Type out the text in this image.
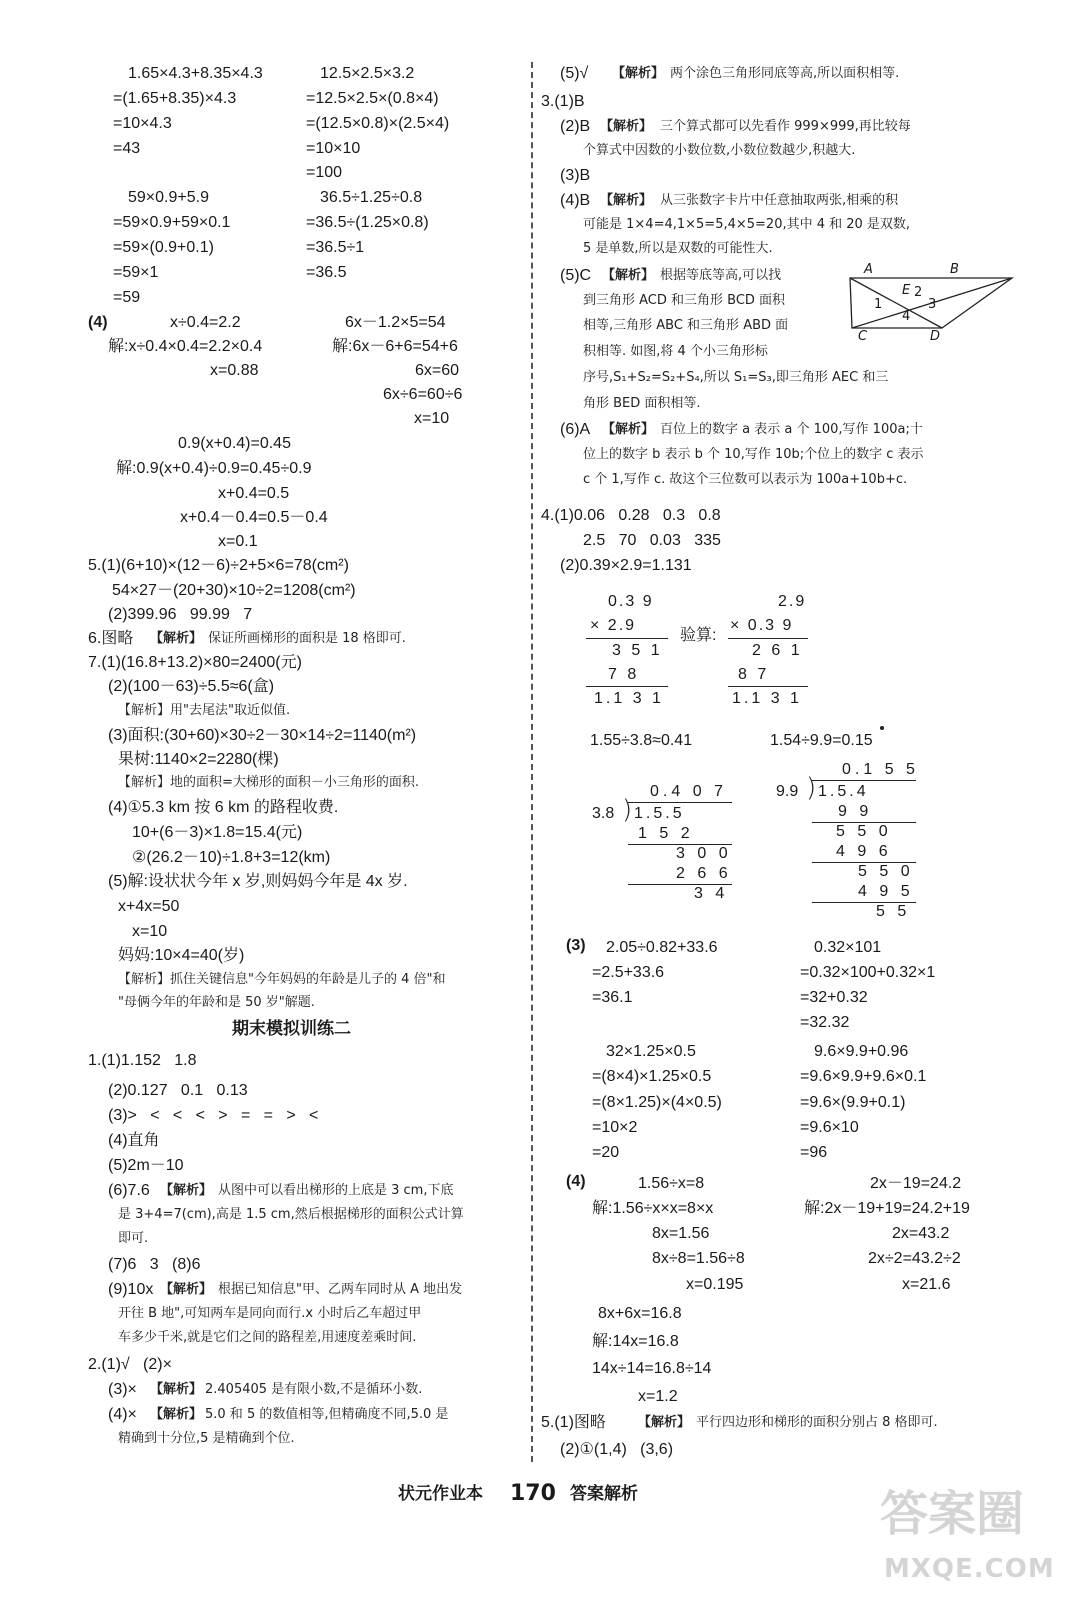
1.65×4.3+8.35×4.3
=(1.65+8.35)×4.3
=10×4.3
=43
12.5×2.5×3.2
=12.5×2.5×(0.8×4)
=(12.5×0.8)×(2.5×4)
=10×10
=100
59×0.9+5.9
=59×0.9+59×0.1
=59×(0.9+0.1)
=59×1
=59
36.5÷1.25÷0.8
=36.5÷(1.25×0.8)
=36.5÷1
=36.5
(4)	x÷0.4=2.2
解:x÷0.4×0.4=2.2×0.4
x=0.88
6x－1.2×5=54
解:6x－6+6=54+6
6x=60
6x÷6=60÷6
x=10
0.9(x+0.4)=0.45
解:0.9(x+0.4)÷0.9=0.45÷0.9
x+0.4=0.5
x+0.4－0.4=0.5－0.4
x=0.1
5.(1)(6+10)×(12－6)÷2+5×6=78(cm²)
54×27－(20+30)×10÷2=1208(cm²)
(2)399.96   99.99   7
6.图略 【解析】 保证所画梯形的面积是 18 格即可.
7.(1)(16.8+13.2)×80=2400(元)
(2)(100－63)÷5.5≈6(盒)
【解析】用"去尾法"取近似值.
(3)面积:(30+60)×30÷2－30×14÷2=1140(m²)
果树:1140×2=2280(棵)
【解析】地的面积=大梯形的面积－小三角形的面积.
(4)①5.3 km 按 6 km 的路程收费.
10+(6－3)×1.8=15.4(元)
②(26.2－10)÷1.8+3=12(km)
(5)解:设状状今年 x 岁,则妈妈今年是 4x 岁.
x+4x=50
x=10
妈妈:10×4=40(岁)
【解析】抓住关键信息"今年妈妈的年龄是儿子的 4 倍"和
"母俩今年的年龄和是 50 岁"解题.
期末模拟训练二
1.(1)1.152   1.8
(2)0.127   0.1   0.13
(3)>   <   <   <   >   =   =   >   <
(4)直角
(5)2m－10
(6)7.6 【解析】 从图中可以看出梯形的上底是 3 cm,下底
是 3+4=7(cm),高是 1.5 cm,然后根据梯形的面积公式计算
即可.
(7)6   3   (8)6
(9)10x 【解析】 根据已知信息"甲、乙两车同时从 A 地出发
开往 B 地",可知两车是同向而行.x 小时后乙车超过甲
车多少千米,就是它们之间的路程差,用速度差乘时间.
2.(1)√   (2)×
(3)× 【解析】 2.405405 是有限小数,不是循环小数.
(4)× 【解析】 5.0 和 5 的数值相等,但精确度不同,5.0 是
精确到十分位,5 是精确到个位.
(5)√ 【解析】 两个涂色三角形同底等高,所以面积相等.
3.(1)B
(2)B 【解析】 三个算式都可以先看作 999×999,再比较每
个算式中因数的小数位数,小数位数越少,积越大.
(3)B
(4)B 【解析】 从三张数字卡片中任意抽取两张,相乘的积
可能是 1×4=4,1×5=5,4×5=20,其中 4 和 20 是双数,
5 是单数,所以是双数的可能性大.
(5)C 【解析】 根据等底等高,可以找
到三角形 ACD 和三角形 BCD 面积
相等,三角形 ABC 和三角形 ABD 面
积相等. 如图,将 4 个小三角形标
序号,S₁+S₂=S₂+S₄,所以 S₁=S₃,即三角形 AEC 和三
角形 BED 面积相等.
A	B
C	D
E
1
2
3
4
(6)A 【解析】 百位上的数字 a 表示 a 个 100,写作 100a;十
位上的数字 b 表示 b 个 10,写作 10b;个位上的数字 c 表示
c 个 1,写作 c. 故这个三位数可以表示为 100a+10b+c.
4.(1)0.06   0.28   0.3   0.8
2.5   70   0.03   335
(2)0.39×2.9=1.131
0.3 9
× 2.9
3 5 1
7 8
1.1 3 1
验算:
2.9
× 0.3 9
2 6 1
8 7
1.1 3 1
1.55÷3.8≈0.41	1.54÷9.9=0.15
0.4 0 7
3.8 ) 1.5.5
1 5 2
3 0 0
2 6 6
3 4
0.1 5 5
9.9 ) 1.5.4
9 9
5 5 0
4 9 6
5 5 0
4 9 5
5 5
(3) 2.05÷0.82+33.6
=2.5+33.6
=36.1
0.32×101
=0.32×100+0.32×1
=32+0.32
=32.32
32×1.25×0.5
=(8×4)×1.25×0.5
=(8×1.25)×(4×0.5)
=10×2
=20
9.6×9.9+0.96
=9.6×9.9+9.6×0.1
=9.6×(9.9+0.1)
=9.6×10
=96
(4)	1.56÷x=8
解:1.56÷x×x=8×x
8x=1.56
8x÷8=1.56÷8
x=0.195
2x－19=24.2
解:2x－19+19=24.2+19
2x=43.2
2x÷2=43.2÷2
x=21.6
8x+6x=16.8
解:14x=16.8
14x÷14=16.8÷14
x=1.2
5.(1)图略 【解析】 平行四边形和梯形的面积分别占 8 格即可.
(2)①(1,4)   (3,6)
状元作业本 170 答案解析	答案圈
MXQE.COM
